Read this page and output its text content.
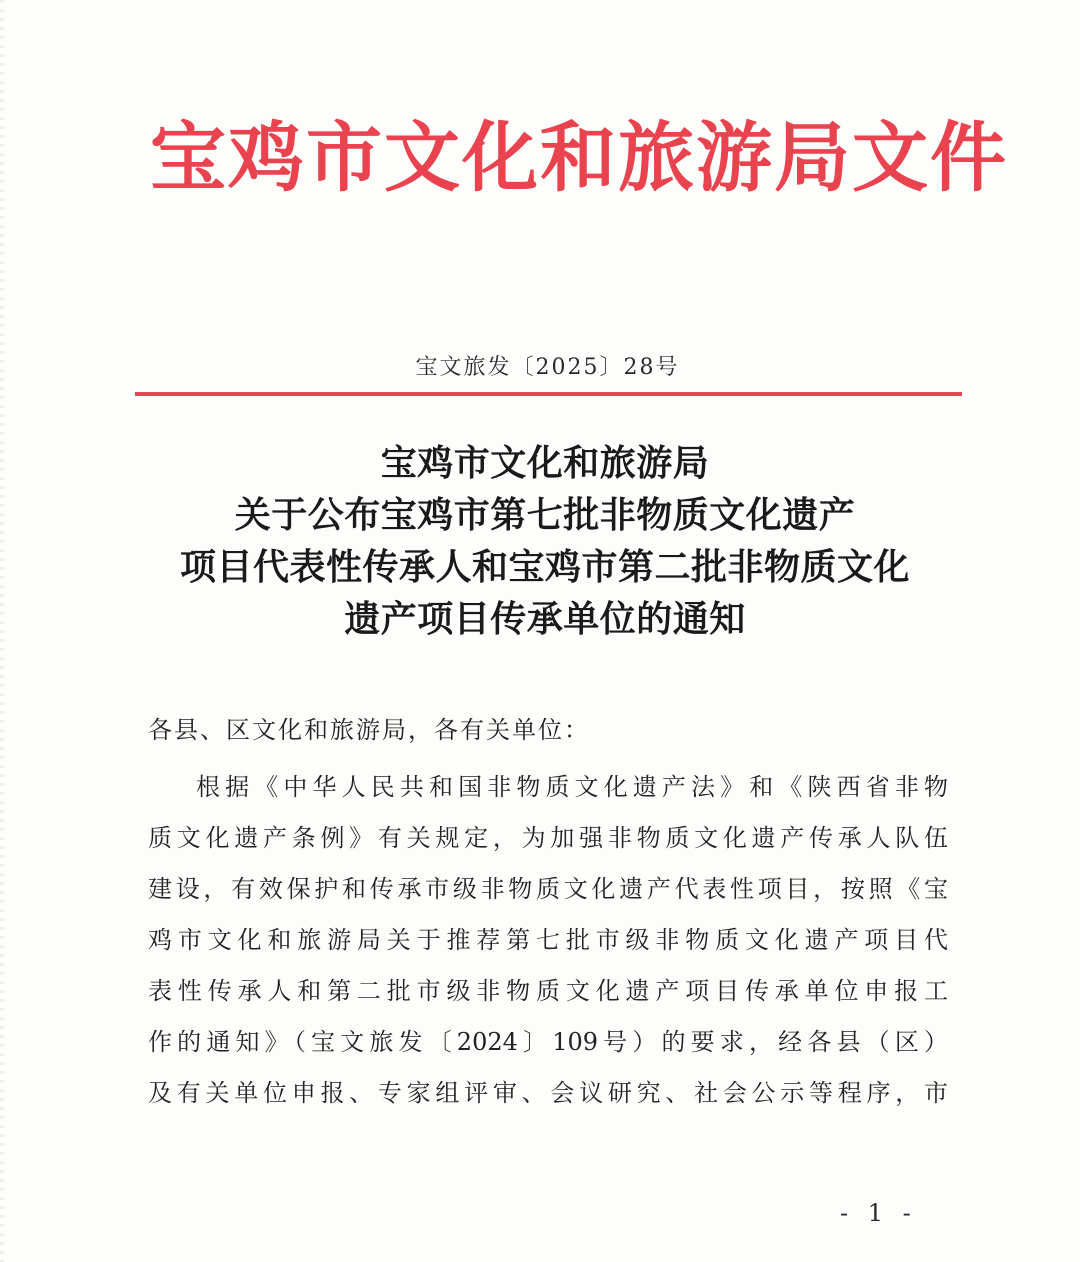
宝鸡市文化和旅游局文件
宝文旅发〔2025〕28号
宝鸡市文化和旅游局
关于公布宝鸡市第七批非物质文化遗产
项目代表性传承人和宝鸡市第二批非物质文化
遗产项目传承单位的通知
各县、区文化和旅游局，各有关单位：
根据《中华人民共和国非物质文化遗产法》和《陕西省非物
质文化遗产条例》有关规定，为加强非物质文化遗产传承人队伍
建设，有效保护和传承市级非物质文化遗产代表性项目，按照《宝
鸡市文化和旅游局关于推荐第七批市级非物质文化遗产项目代
表性传承人和第二批市级非物质文化遗产项目传承单位申报工
作的通知》（宝文旅发〔2024〕109号）的要求，经各县（区）
及有关单位申报、专家组评审、会议研究、社会公示等程序，市
- 1 -
